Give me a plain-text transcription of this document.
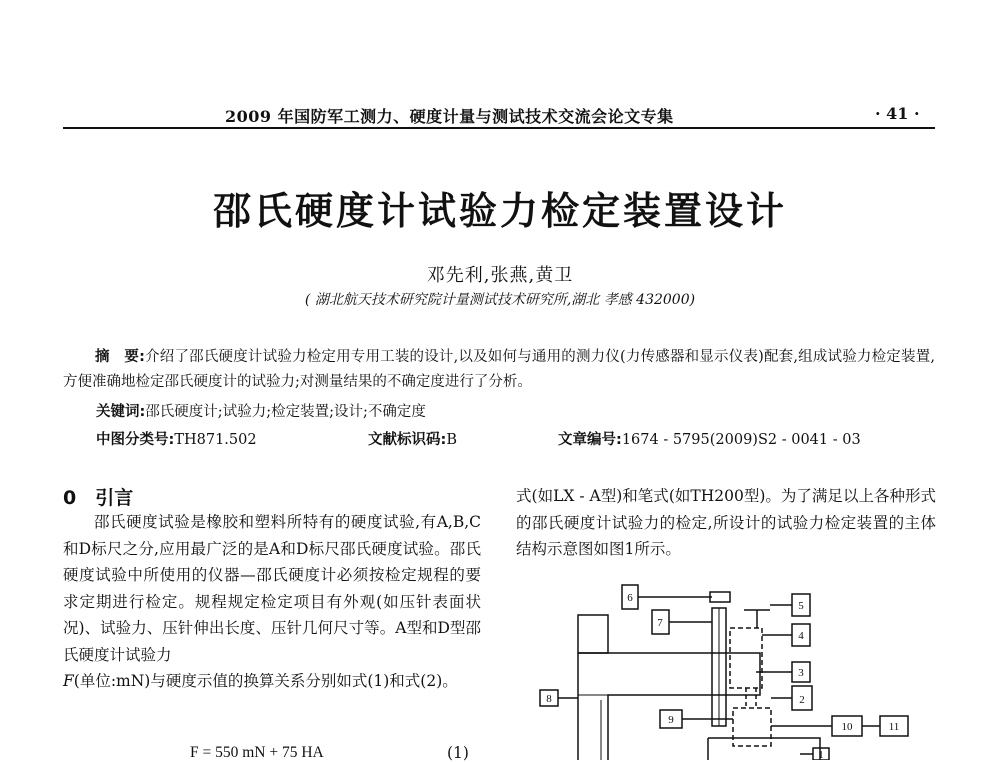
2009 年国防军工测力、硬度计量与测试技术交流会论文专集	· 41 ·
邵氏硬度计试验力检定装置设计
邓先利,张燕,黄卫
( 湖北航天技术研究院计量测试技术研究所,湖北 孝感 432000)
摘　要:介绍了邵氏硬度计试验力检定用专用工装的设计,以及如何与通用的测力仪(力传感器和显示仪表)配套,组成试验力检定装置,方便准确地检定邵氏硬度计的试验力;对测量结果的不确定度进行了分析。
关键词:邵氏硬度计;试验力;检定装置;设计;不确定度
中图分类号:TH871.502	文献标识码:B	文章编号:1674 - 5795(2009)S2 - 0041 - 03
0　引言

邵氏硬度试验是橡胶和塑料所特有的硬度试验,有A,B,C和D标尺之分,应用最广泛的是A和D标尺邵氏硬度试验。邵氏硬度试验中所使用的仪器—邵氏硬度计必须按检定规程的要求定期进行检定。规程规定检定项目有外观(如压针表面状况)、试验力、压针伸出长度、压针几何尺寸等。A型和D型邵氏硬度计试验力
F(单位:mN)与硬度示值的换算关系分别如式(1)和式(2)。

F = 550 mN + 75 HA	(1)

式(如LX - A型)和笔式(如TH200型)。为了满足以上各种形式的邵氏硬度计试验力的检定,所设计的试验力检定装置的主体结构示意图如图1所示。

1
2
3
4
5
6
7
8
9
10	11
